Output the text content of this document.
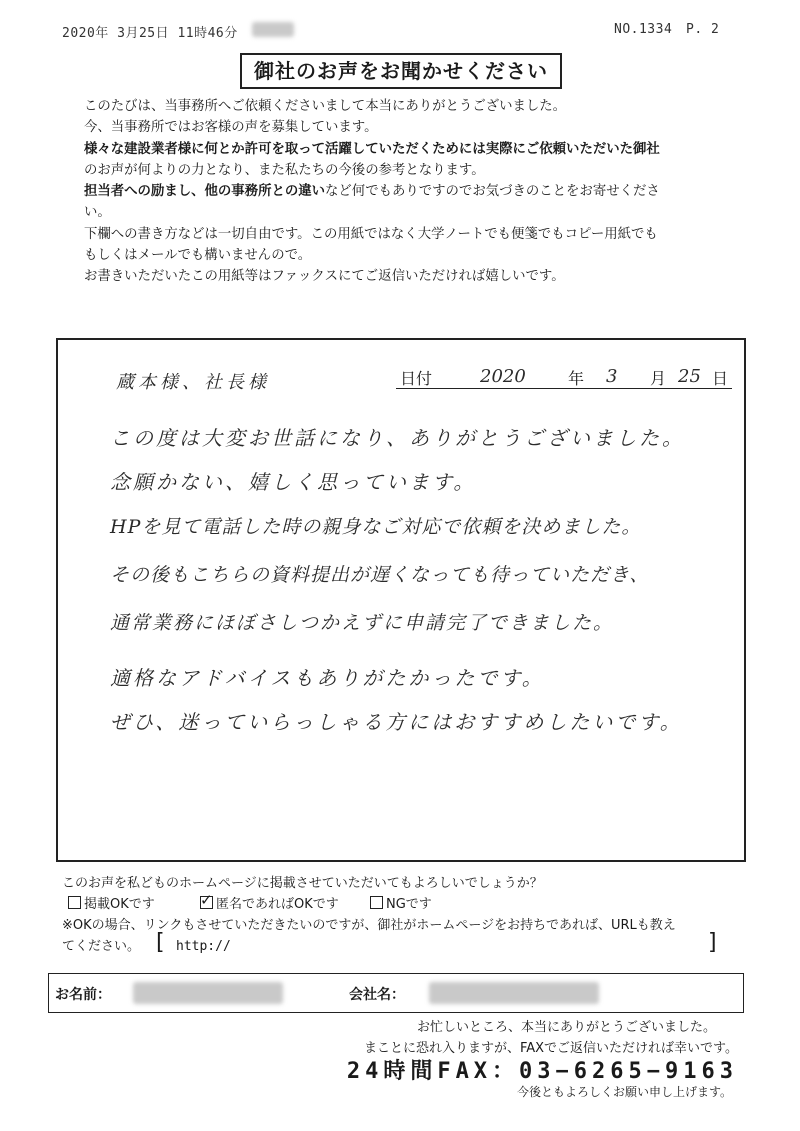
2020年 3月25日 11時46分	NO.1334 P. 2
御社のお声をお聞かせください

このたびは、当事務所へご依頼くださいまして本当にありがとうございました。

今、当事務所ではお客様の声を募集しています。

様々な建設業者様に何とか許可を取って活躍していただくためには実際にご依頼いただいた御社

のお声が何よりの力となり、また私たちの今後の参考となります。

担当者への励まし、他の事務所との違いなど何でもありですのでお気づきのことをお寄せくださ

い。

下欄への書き方などは一切自由です。この用紙ではなく大学ノートでも便箋でもコピー用紙でも

もしくはメールでも構いませんので。

お書きいただいたこの用紙等はファックスにてご返信いただければ嬉しいです。

蔵本様、社長様	日付	2020	年 3 月 25 日
この度は大変お世話になり、ありがとうございました。
念願かない、嬉しく思っています。
HPを見て電話した時の親身なご対応で依頼を決めました。
その後もこちらの資料提出が遅くなっても待っていただき、
通常業務にほぼさしつかえずに申請完了できました。
適格なアドバイスもありがたかったです。
ぜひ、迷っていらっしゃる方にはおすすめしたいです。
このお声を私どものホームページに掲載させていただいてもよろしいでしょうか？
掲載OKです
✓	匿名であればOKです	NGです
※OKの場合、リンクもさせていただきたいのですが、御社がホームページをお持ちであれば、URLも教え
てください。 [ http://	]
お名前：	会社名：
お忙しいところ、本当にありがとうございました。
まことに恐れ入りますが、FAXでご返信いただければ幸いです。
24時間FAX：03−6265−9163
今後ともよろしくお願い申し上げます。
